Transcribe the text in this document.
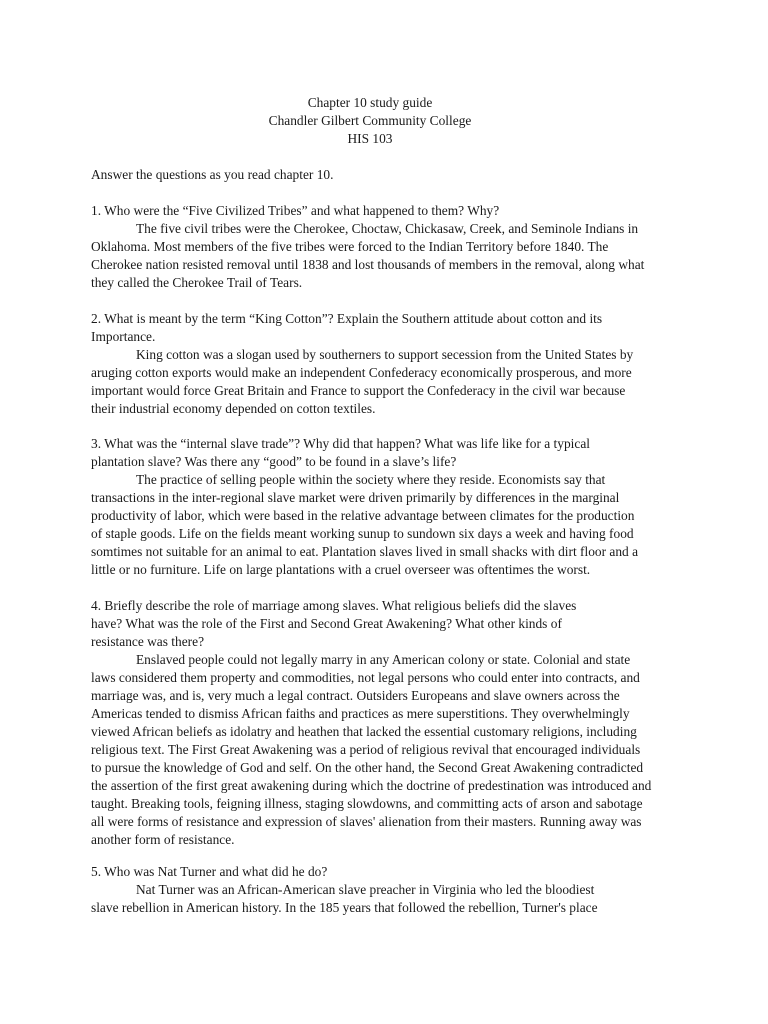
Chapter 10 study guide
Chandler Gilbert Community College
HIS 103
Answer the questions as you read chapter 10.
1. Who were the “Five Civilized Tribes” and what happened to them? Why?
The five civil tribes were the Cherokee, Choctaw, Chickasaw, Creek, and Seminole Indians in
Oklahoma. Most members of the five tribes were forced to the Indian Territory before 1840. The
Cherokee nation resisted removal until 1838 and lost thousands of members in the removal, along what
they called the Cherokee Trail of Tears.
2. What is meant by the term “King Cotton”? Explain the Southern attitude about cotton and its
Importance.
King cotton was a slogan used by southerners to support secession from the United States by
aruging cotton exports would make an independent Confederacy economically prosperous, and more
important would force Great Britain and France to support the Confederacy in the civil war because
their industrial economy depended on cotton textiles.
3. What was the “internal slave trade”? Why did that happen? What was life like for a typical
plantation slave? Was there any “good” to be found in a slave’s life?
The practice of selling people within the society where they reside. Economists say that
transactions in the inter-regional slave market were driven primarily by differences in the marginal
productivity of labor, which were based in the relative advantage between climates for the production
of staple goods. Life on the fields meant working sunup to sundown six days a week and having food
somtimes not suitable for an animal to eat. Plantation slaves lived in small shacks with dirt floor and a
little or no furniture. Life on large plantations with a cruel overseer was oftentimes the worst.
4. Briefly describe the role of marriage among slaves. What religious beliefs did the slaves
have? What was the role of the First and Second Great Awakening? What other kinds of
resistance was there?
Enslaved people could not legally marry in any American colony or state. Colonial and state
laws considered them property and commodities, not legal persons who could enter into contracts, and
marriage was, and is, very much a legal contract. Outsiders Europeans and slave owners across the
Americas tended to dismiss African faiths and practices as mere superstitions. They overwhelmingly
viewed African beliefs as idolatry and heathen that lacked the essential customary religions, including
religious text. The First Great Awakening was a period of religious revival that encouraged individuals
to pursue the knowledge of God and self. On the other hand, the Second Great Awakening contradicted
the assertion of the first great awakening during which the doctrine of predestination was introduced and
taught. Breaking tools, feigning illness, staging slowdowns, and committing acts of arson and sabotage
all were forms of resistance and expression of slaves' alienation from their masters. Running away was
another form of resistance.
5. Who was Nat Turner and what did he do?
Nat Turner was an African-American slave preacher in Virginia who led the bloodiest
slave rebellion in American history. In the 185 years that followed the rebellion, Turner's place
